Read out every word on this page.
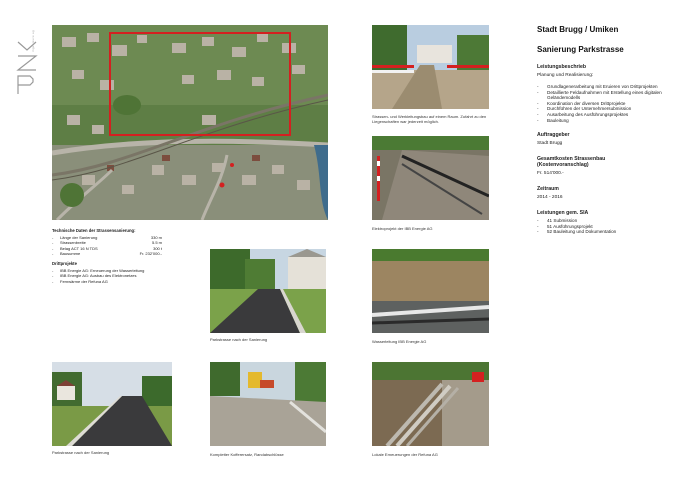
ingenieure ag
Technische Daten der Strassensanierung:
- Länge der Sanierung	330 m
- Strassenbreite	5.5 m
- Belag ACT 16 N TDS	300 t
- Bausumme	Fr. 232'000.-
Drittprojekte
- IBB Energie AG: Erneuerung der Wasserleitung
- IBB Energie AG: Ausbau des Elektronetzes
- Fernwärme der Refuna AG
Parkstrasse nach der Sanierung
Strassen- und Werkleitungsbau auf einem Raum. Zufahrt zu den Liegenschaften war jederzeit möglich.
Elektroprojekt der IBB Energie AG
Wasserleitung IBB Energie AG
Parkstrasse nach der Sanierung	Kompletter Kofferersatz, Randabschlüsse	Lokale Erneuerungen der Refuna AG
Stadt Brugg / Umiken
Sanierung Parkstrasse
Leistungsbeschrieb

Planung und Realisierung:

- Grundlagenerarbeitung mit Eruieren von Drittprojekten
- Detaillierte Feldaufnahmen mit Erstellung eines digitalen Geländemodells
- Koordination der diversen Drittprojekte
- Durchführen der Unternehmersubmission
- Ausarbeitung des Ausführungsprojektes
- Bauleitung
Auftraggeber

Stadt Brugg

Gesamtkosten Strassenbau
(Kostenvoranschlag)

Fr. 514'000.-

Zeitraum

2014 - 2016

Leistungen gem. SIA
- 41 Submission
- 51 Ausführungsprojekt
- 52 Bauleitung und Dokumentation
